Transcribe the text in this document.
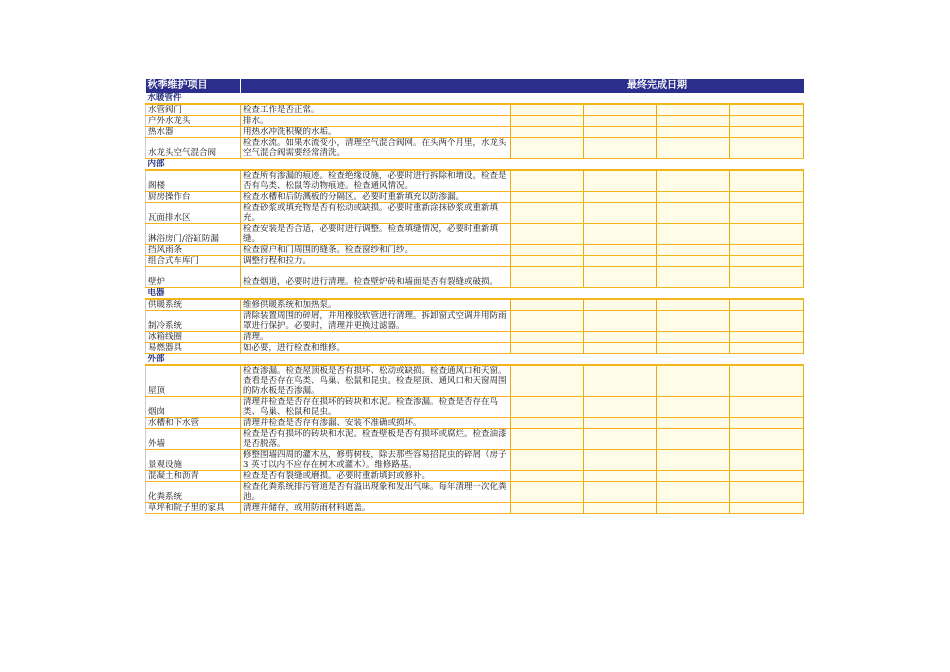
秋季维护项目		最终完成日期			
水暖管件					
水管阀门	检查工作是否正常。				
户外水龙头	排水。				
热水器	用热水冲洗积聚的水垢。				
水龙头空气混合阀	检查水流。如果水流变小，清理空气混合阀网。在头两个月里，水龙头空气混合阀需要经常清洗。				
内部					
阁楼	检查所有渗漏的痕迹。检查绝缘设施，必要时进行拆除和增设。检查是否有鸟类、松鼠等动物痕迹。检查通风情况。				
厨房操作台	检查水槽和后防溅板的分隔区。必要时重新填充以防渗漏。				
瓦面排水区	检查砂浆或填充物是否有松动或缺损。必要时重新涂抹砂浆或重新填充。				
淋浴房门/浴缸防漏	检查安装是否合适，必要时进行调整。检查填缝情况，必要时重新填缝。				
挡风雨条	检查窗户和门周围的缝条。检查窗纱和门纱。				
组合式车库门	调整行程和拉力。				
壁炉	检查烟道，必要时进行清理。检查壁炉砖和墙面是否有裂缝或破损。				
电器					
供暖系统	维修供暖系统和加热泵。				
制冷系统	清除装置周围的碎屑，并用橡胶软管进行清理。拆卸窗式空调并用防雨罩进行保护。必要时，清理并更换过滤器。				
冰箱线圈	清理。				
易燃器具	如必要，进行检查和维修。				
外部					
屋顶	检查渗漏。检查屋顶板是否有损坏、松动或缺损。检查通风口和天窗。查看是否存在鸟类、鸟巢、松鼠和昆虫。检查屋顶、通风口和天窗周围的防水板是否渗漏。				
烟囱	清理并检查是否存在损坏的砖块和水泥。检查渗漏。检查是否存在鸟类、鸟巢、松鼠和昆虫。				
水槽和下水管	清理并检查是否存有渗漏、安装不准确或损坏。				
外墙	检查是否有损坏的砖块和水泥。检查壁板是否有损坏或腐烂。检查油漆是否脱落。				
景观设施	修整围墙四周的灌木丛，修剪树枝，除去那些容易招昆虫的碎屑（房子 3 英寸以内不应存在树木或灌木）。维修路基。				
混凝土和沥青	检查是否有裂缝或磨损。必要时重新填封或修补。				
化粪系统	检查化粪系统排污管道是否有溢出现象和发出气味。每年清理一次化粪池。				
草坪和院子里的家具	清理并储存，或用防雨材料遮盖。				
